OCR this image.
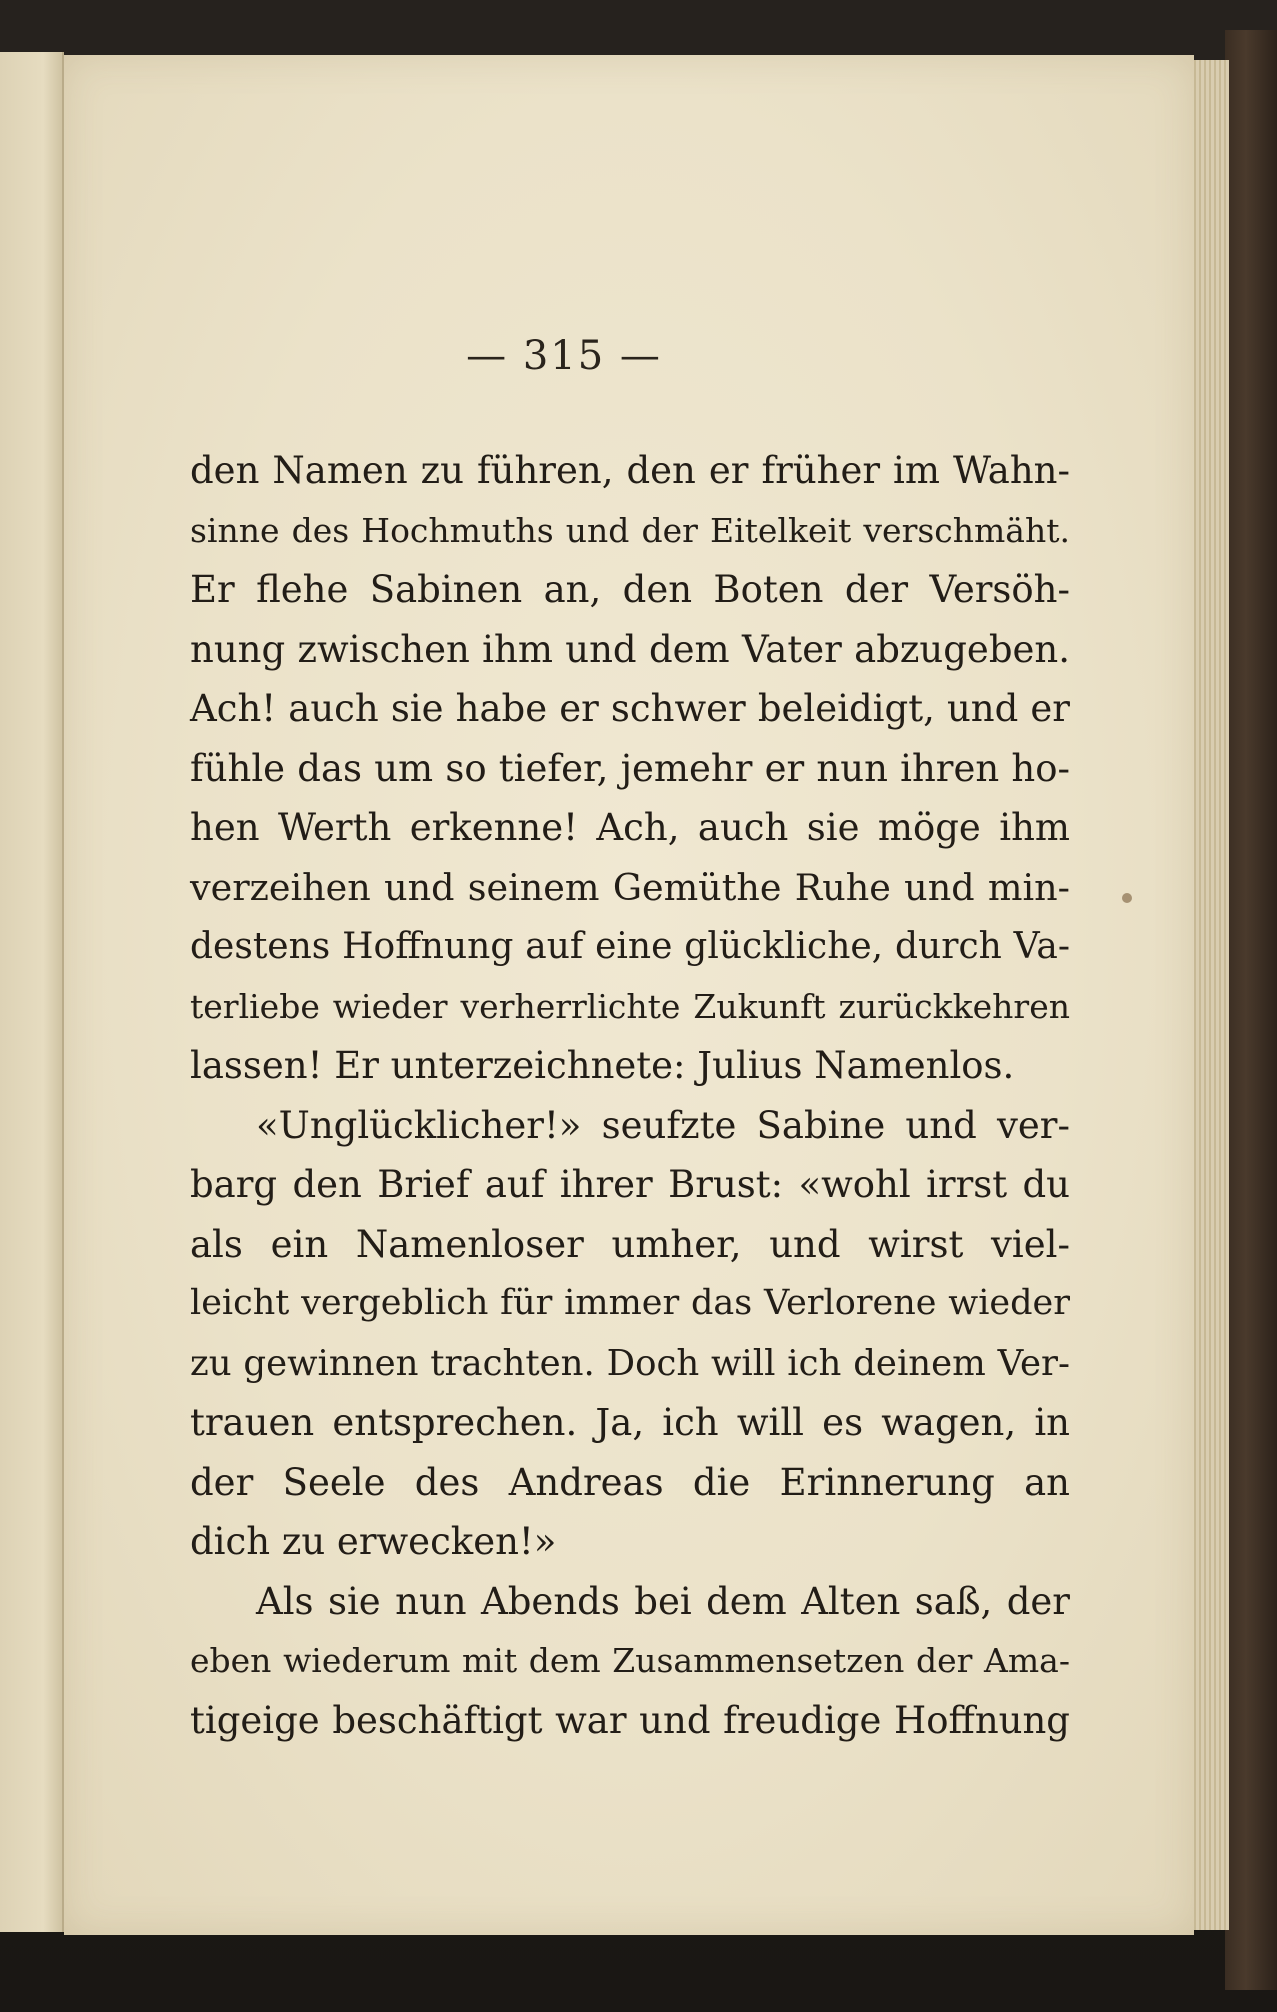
— 315 —
den Namen zu führen, den er früher im Wahn-
sinne des Hochmuths und der Eitelkeit verschmäht.
Er flehe Sabinen an, den Boten der Versöh-
nung zwischen ihm und dem Vater abzugeben.
Ach! auch sie habe er schwer beleidigt, und er
fühle das um so tiefer, jemehr er nun ihren ho-
hen Werth erkenne! Ach, auch sie möge ihm
verzeihen und seinem Gemüthe Ruhe und min-
destens Hoffnung auf eine glückliche, durch Va-
terliebe wieder verherrlichte Zukunft zurückkehren
lassen! Er unterzeichnete: Julius Namenlos.
«Unglücklicher!» seufzte Sabine und ver-
barg den Brief auf ihrer Brust: «wohl irrst du
als ein Namenloser umher, und wirst viel-
leicht vergeblich für immer das Verlorene wieder
zu gewinnen trachten. Doch will ich deinem Ver-
trauen entsprechen. Ja, ich will es wagen, in
der Seele des Andreas die Erinnerung an
dich zu erwecken!»
Als sie nun Abends bei dem Alten saß, der
eben wiederum mit dem Zusammensetzen der Ama-
tigeige beschäftigt war und freudige Hoffnung
